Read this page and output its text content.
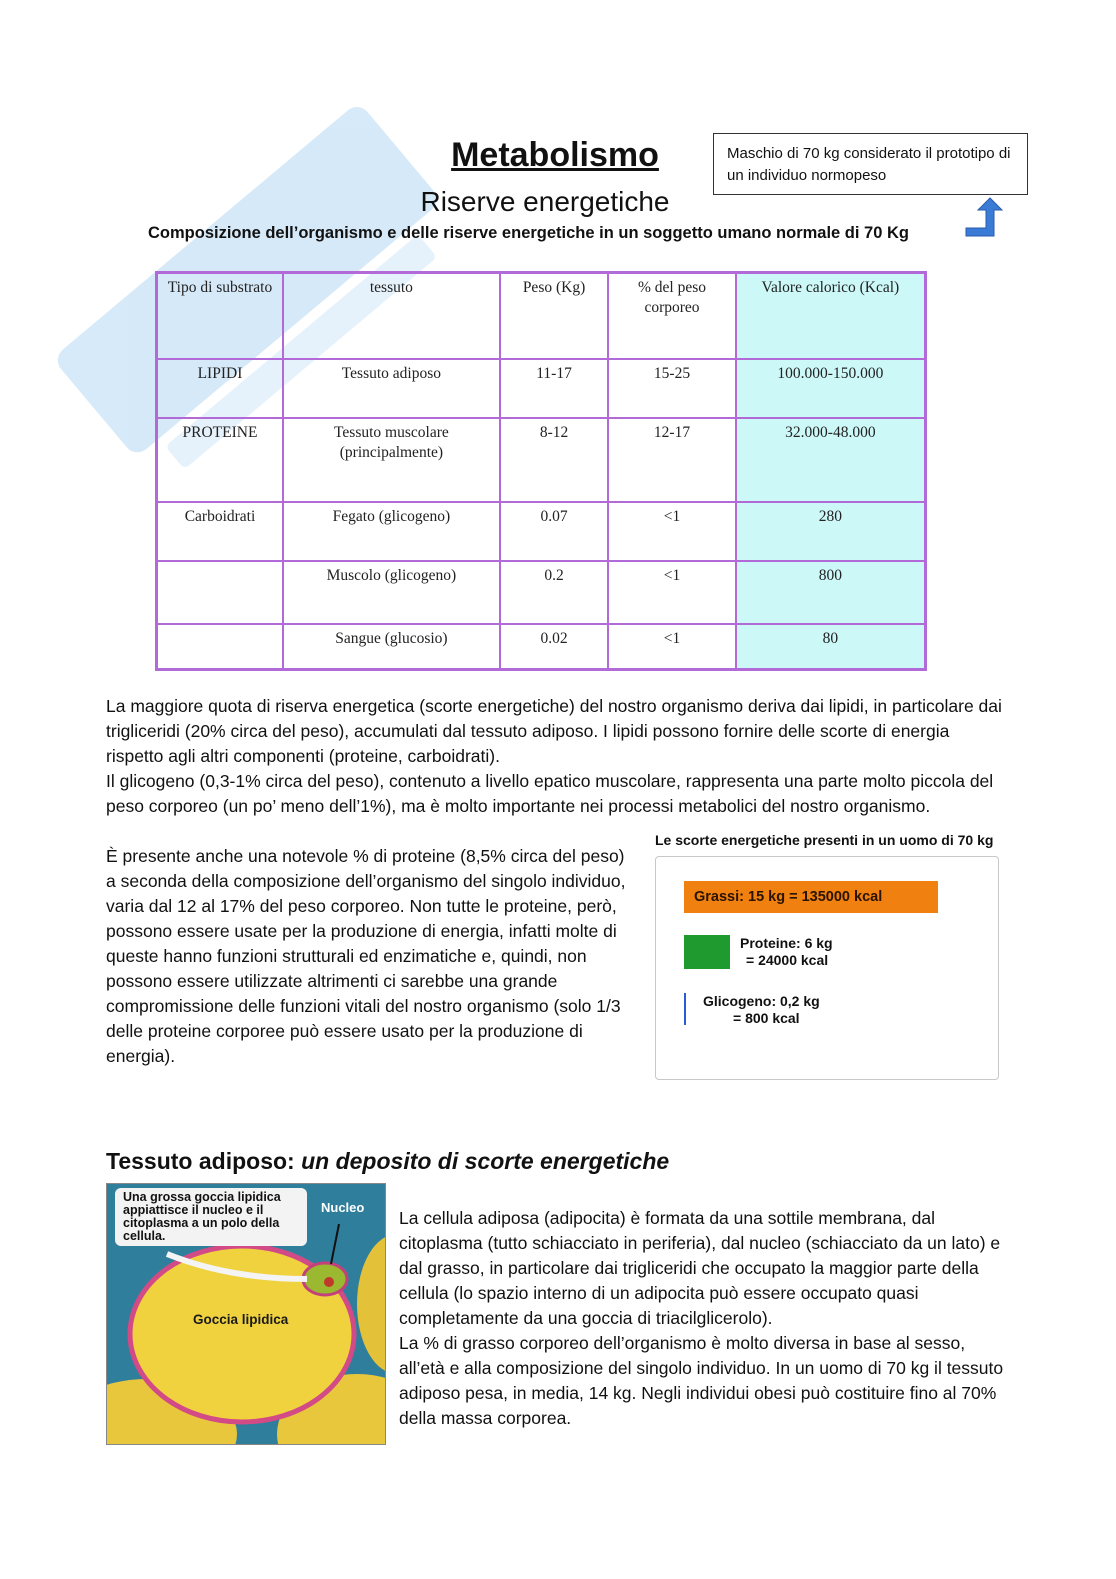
Metabolismo
Riserve energetiche
Composizione dell’organismo e delle riserve energetiche in un soggetto umano normale di 70 Kg
Maschio di 70 kg considerato il prototipo di un individuo normopeso
Tipo di substrato	tessuto	Peso (Kg)	% del peso corporeo	Valore calorico (Kcal)
LIPIDI	Tessuto adiposo	11-17	15-25	100.000-150.000
PROTEINE	Tessuto muscolare (principalmente)	8-12	12-17	32.000-48.000
Carboidrati	Fegato (glicogeno)	0.07	<1	280
	Muscolo (glicogeno)	0.2	<1	800
	Sangue (glucosio)	0.02	<1	80
La maggiore quota di riserva energetica (scorte energetiche) del nostro organismo deriva dai lipidi, in particolare dai trigliceridi (20% circa del peso), accumulati dal tessuto adiposo. I lipidi possono fornire delle scorte di energia rispetto agli altri componenti (proteine, carboidrati).
Il glicogeno (0,3-1% circa del peso), contenuto a livello epatico muscolare, rappresenta una parte molto piccola del peso corporeo (un po’ meno dell’1%), ma è molto importante nei processi metabolici del nostro organismo.
È presente anche una notevole % di proteine (8,5% circa del peso) a seconda della composizione dell’organismo del singolo individuo, varia dal 12 al 17% del peso corporeo. Non tutte le proteine, però, possono essere usate per la produzione di energia, infatti molte di queste hanno funzioni strutturali ed enzimatiche e, quindi, non possono essere utilizzate altrimenti ci sarebbe una grande compromissione delle funzioni vitali del nostro organismo (solo 1/3 delle proteine corporee può essere usato per la produzione di energia).
Le scorte energetiche presenti in un uomo di 70 kg
Grassi: 15 kg = 135000 kcal
Proteine: 6 kg
= 24000 kcal
Glicogeno: 0,2 kg
= 800 kcal
Tessuto adiposo: un deposito di scorte energetiche
Una grossa goccia lipidica appiattisce il nucleo e il citoplasma a un polo della cellula.
Nucleo
Goccia lipidica
La cellula adiposa (adipocita) è formata da una sottile membrana, dal citoplasma (tutto schiacciato in periferia), dal nucleo (schiacciato da un lato) e dal grasso, in particolare dai trigliceridi che occupato la maggior parte della cellula (lo spazio interno di un adipocita può essere occupato quasi completamente da una goccia di triacilglicerolo).
La % di grasso corporeo dell’organismo è molto diversa in base al sesso, all’età e alla composizione del singolo individuo. In un uomo di 70 kg il tessuto adiposo pesa, in media, 14 kg. Negli individui obesi può costituire fino al 70% della massa corporea.
